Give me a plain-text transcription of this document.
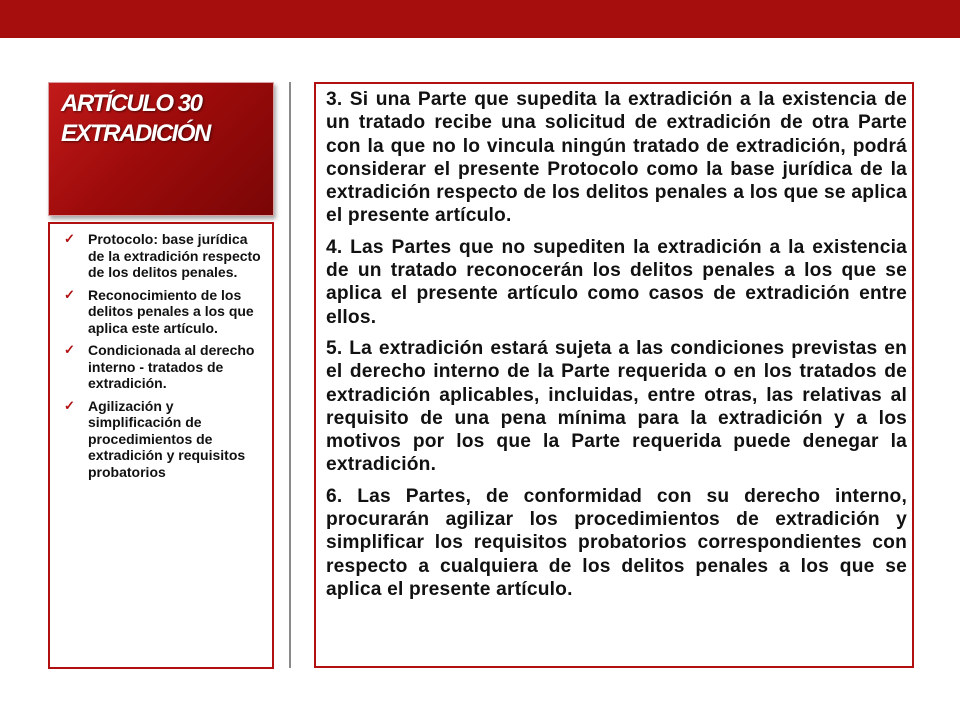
ARTÍCULO 30
EXTRADICIÓN
✓ Protocolo: base jurídica de la extradición respecto de los delitos penales.
✓ Reconocimiento de los delitos penales a los que aplica este artículo.
✓ Condicionada al derecho interno - tratados de extradición.
✓ Agilización y simplificación de procedimientos de extradición y requisitos probatorios

3. Si una Parte que supedita la extradición a la existencia de un tratado recibe una solicitud de extradición de otra Parte con la que no lo vincula ningún tratado de extradición, podrá considerar el presente Protocolo como la base jurídica de la extradición respecto de los delitos penales a los que se aplica el presente artículo.

4. Las Partes que no supediten la extradición a la existencia de un tratado reconocerán los delitos penales a los que se aplica el presente artículo como casos de extradición entre ellos.

5. La extradición estará sujeta a las condiciones previstas en el derecho interno de la Parte requerida o en los tratados de extradición aplicables, incluidas, entre otras, las relativas al requisito de una pena mínima para la extradición y a los motivos por los que la Parte requerida puede denegar la extradición.

6. Las Partes, de conformidad con su derecho interno, procurarán agilizar los procedimientos de extradición y simplificar los requisitos probatorios correspondientes con respecto a cualquiera de los delitos penales a los que se aplica el presente artículo.
